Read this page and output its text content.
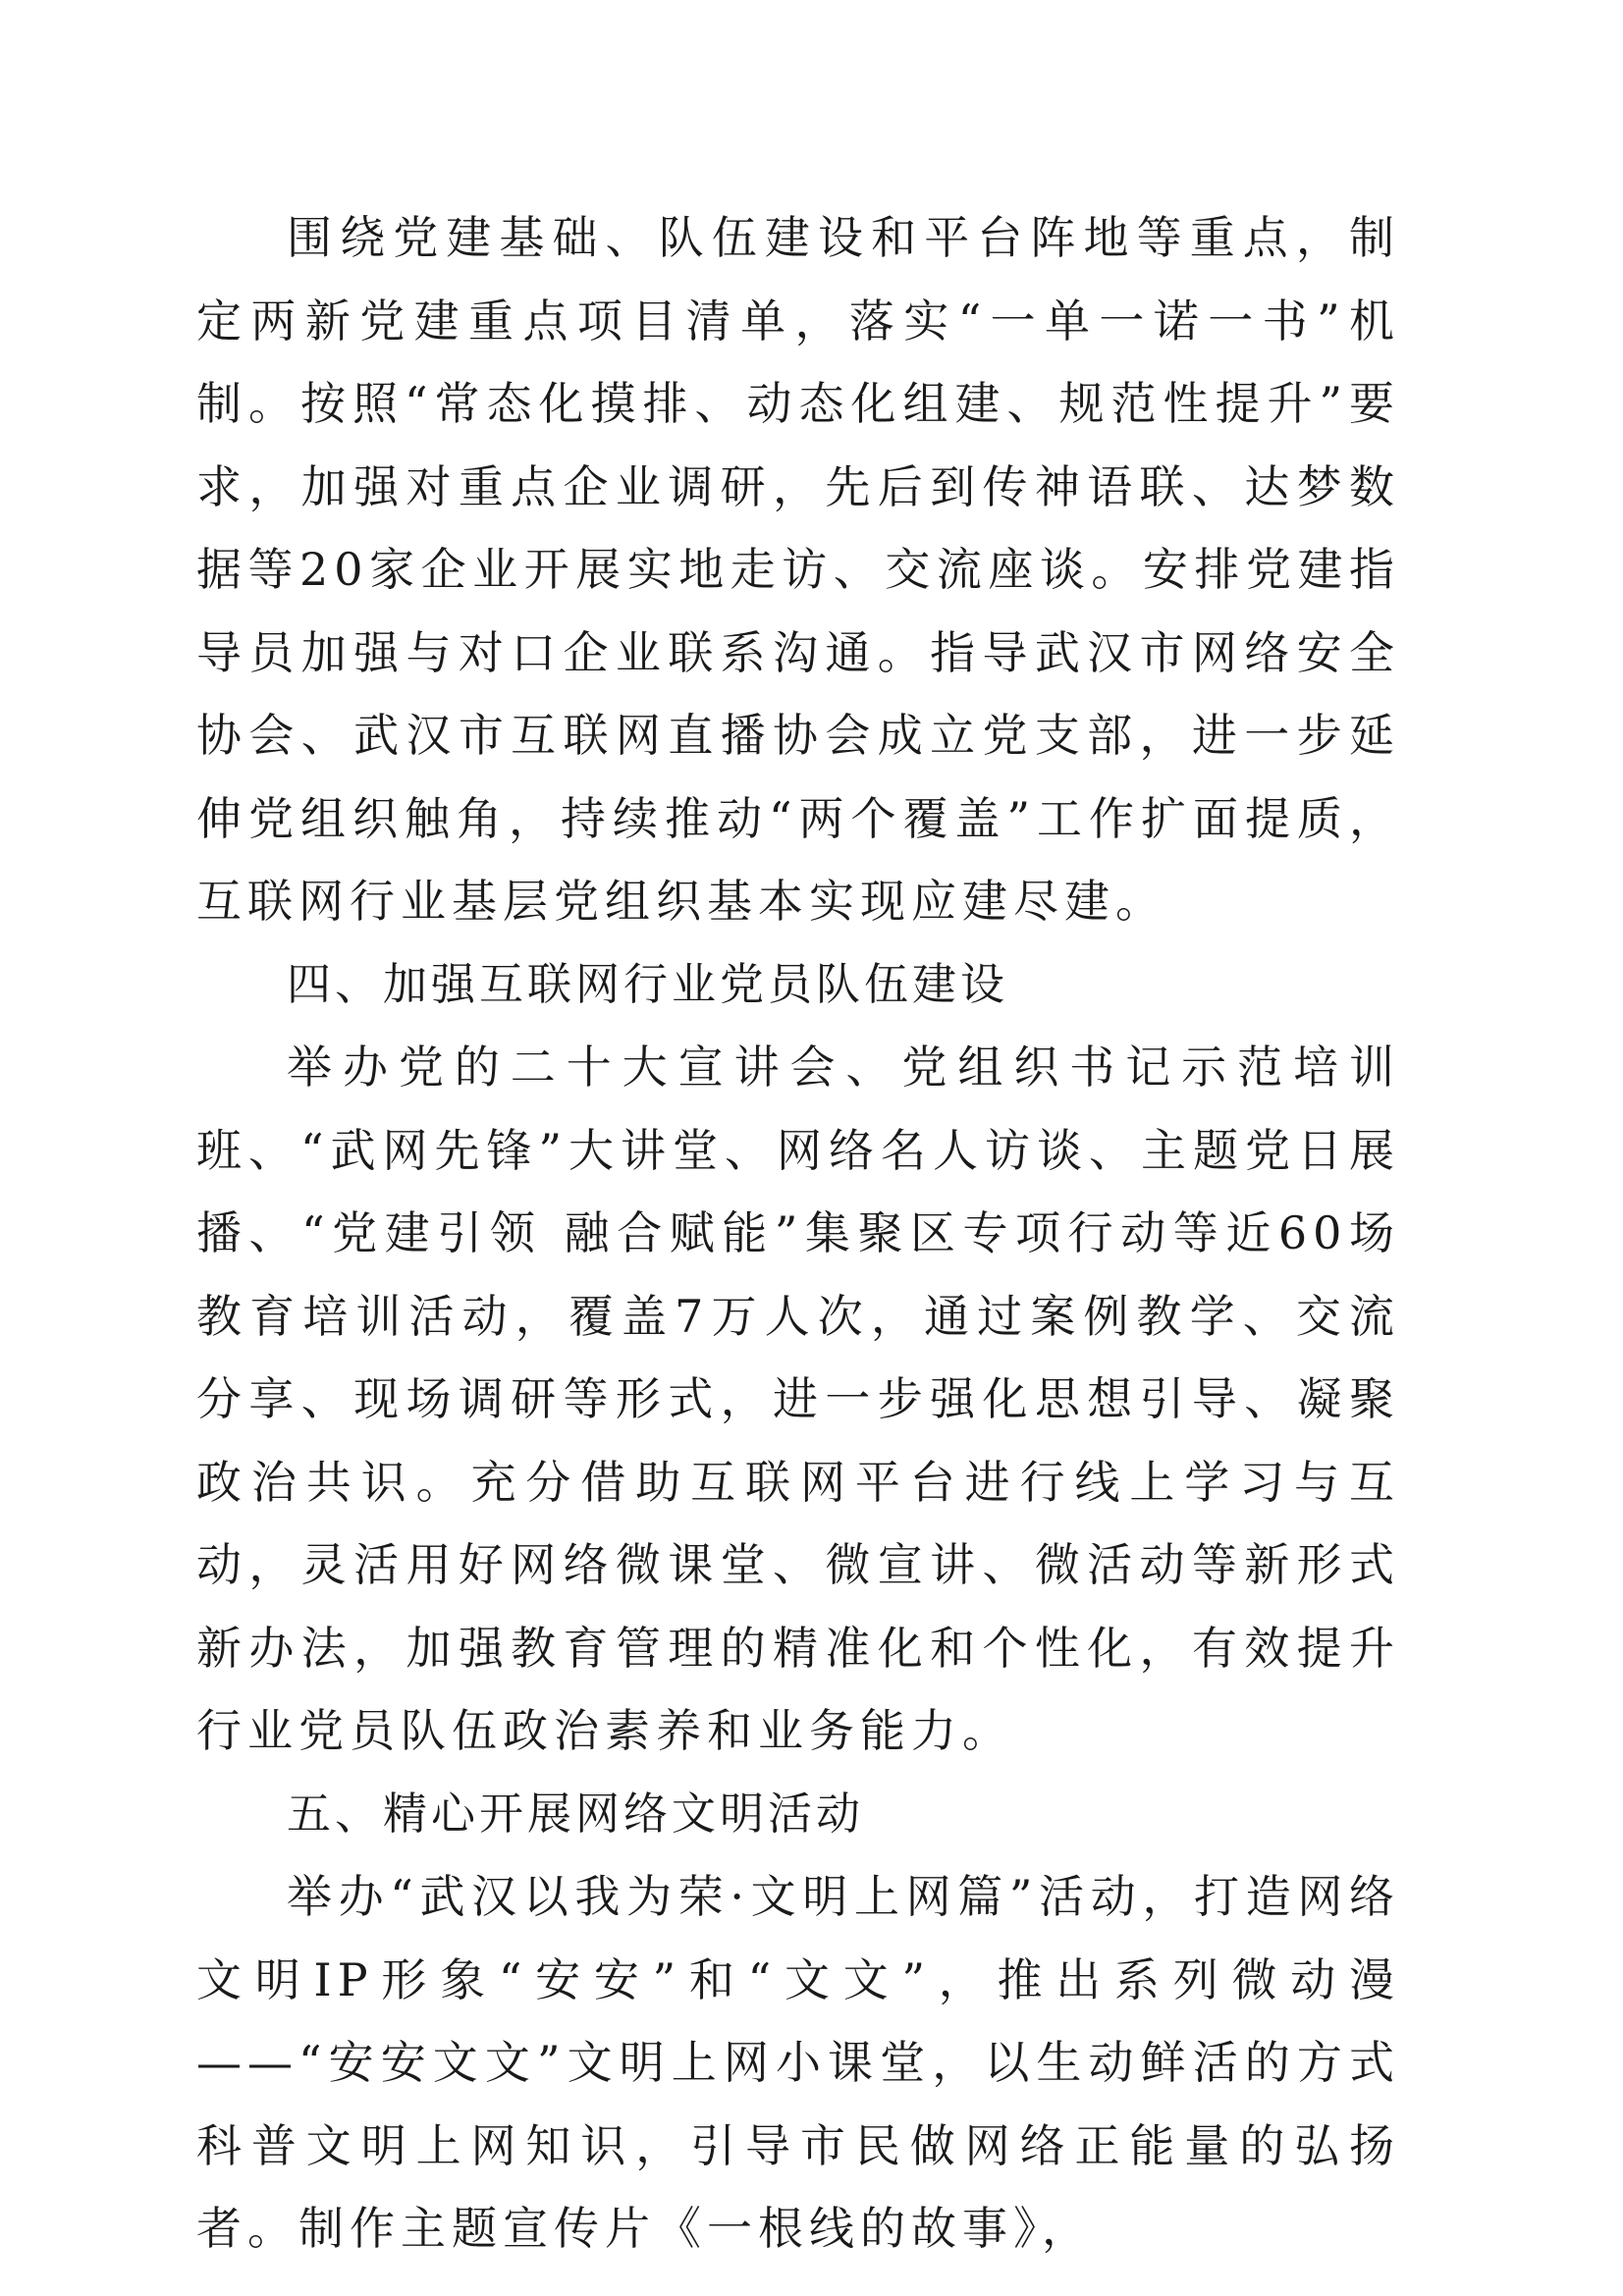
围绕党建基础、队伍建设和平台阵地等重点，制定两新党建重点项目清单，落实“一单一诺一书”机制。按照“常态化摸排、动态化组建、规范性提升”要求，加强对重点企业调研，先后到传神语联、达梦数据等20家企业开展实地走访、交流座谈。安排党建指导员加强与对口企业联系沟通。指导武汉市网络安全协会、武汉市互联网直播协会成立党支部，进一步延伸党组织触角，持续推动“两个覆盖”工作扩面提质，互联网行业基层党组织基本实现应建尽建。

四、加强互联网行业党员队伍建设

举办党的二十大宣讲会、党组织书记示范培训班、“武网先锋”大讲堂、网络名人访谈、主题党日展播、“党建引领 融合赋能”集聚区专项行动等近60场教育培训活动，覆盖7万人次，通过案例教学、交流分享、现场调研等形式，进一步强化思想引导、凝聚政治共识。充分借助互联网平台进行线上学习与互动，灵活用好网络微课堂、微宣讲、微活动等新形式新办法，加强教育管理的精准化和个性化，有效提升行业党员队伍政治素养和业务能力。

五、精心开展网络文明活动

举办“武汉以我为荣·文明上网篇”活动，打造网络文明IP形象“安安”和“文文”，推出系列微动漫——“安安文文”文明上网小课堂，以生动鲜活的方式科普文明上网知识，引导市民做网络正能量的弘扬者。制作主题宣传片《一根线的故事》，
